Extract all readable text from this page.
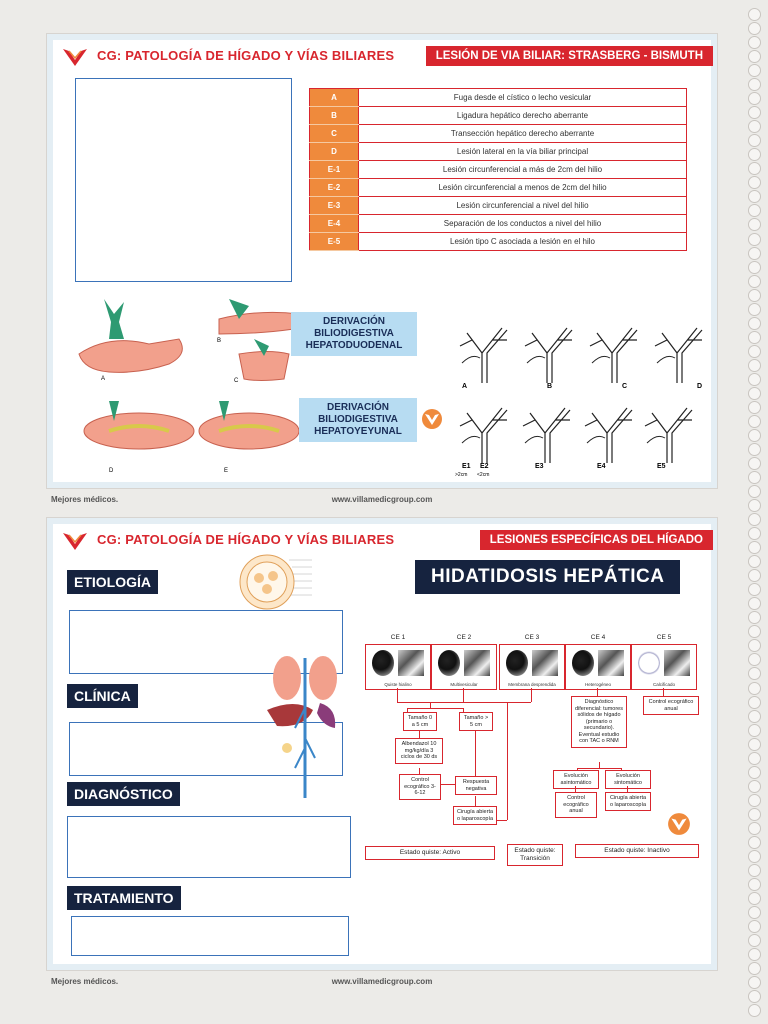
CG: PATOLOGÍA DE HÍGADO Y VÍAS BILIARES	LESIÓN DE VIA BILIAR: STRASBERG - BISMUTH
A	Fuga desde el cístico o lecho vesicular
B	Ligadura hepático derecho aberrante
C	Transección hepático derecho aberrante
D	Lesión lateral en la vía biliar principal
E-1	Lesión circunferencial a más de 2cm del hilio
E-2	Lesión circunferencial a menos de 2cm del hilio
E-3	Lesión circunferencial a nivel del hilio
E-4	Separación de los conductos a nivel del hilio
E-5	Lesión tipo C asociada a lesión en el hilo
A
B
C
D	E
DERIVACIÓN
BILIODIGESTIVA
HEPATODUODENAL
DERIVACIÓN
BILIODIGESTIVA
HEPATOYEYUNAL
A	B	C	D
E1 E2	E3	E4	E5
>2cm <2cm
Mejores médicos.	www.villamedicgroup.com
CG: PATOLOGÍA DE HÍGADO Y VÍAS BILIARES	LESIONES ESPECÍFICAS DEL HÍGADO
HIDATIDOSIS HEPÁTICA
ETIOLOGÍA
CLÍNICA
DIAGNÓSTICO
TRATAMIENTO
CE 1
Quiste hialino
CE 2
Multivesicular
CE 3
Membrana desprendida
CE 4
Heterogéneo
CE 5
Calcificado
Tamaño 0 a 5 cm
Tamaño > 5 cm
Albendazol 10 mg/kg/día 3 ciclos de 30 ds
Control ecográfico 3-6-12
Respuesta negativa
Cirugía abierta o laparoscopía
Diagnóstico diferencial: tumores sólidos de hígado (primario o secundario). Eventual estudio con TAC o RNM
Control ecográfico anual
Evolución asintomático
Evolución sintomático
Control ecográfico anual
Cirugía abierta o laparoscopía
Estado quiste: Activo	Estado quiste: Transición
Estado quiste: Inactivo
Mejores médicos.	www.villamedicgroup.com
